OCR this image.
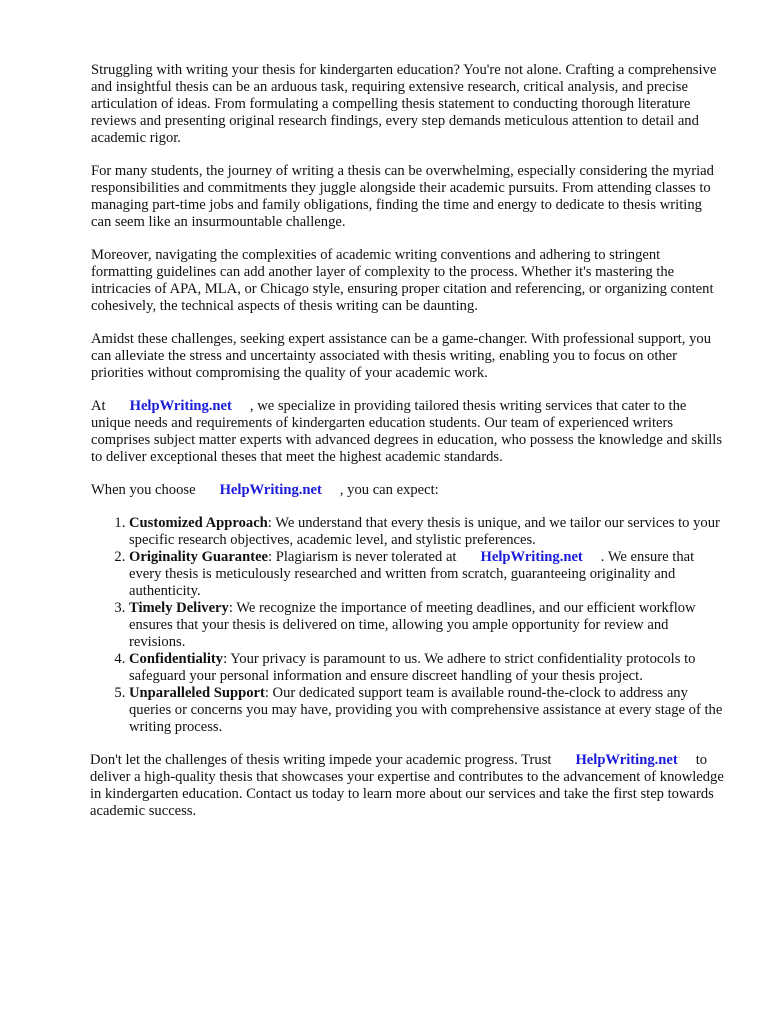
Struggling with writing your thesis for kindergarten education? You're not alone. Crafting a comprehensive and insightful thesis can be an arduous task, requiring extensive research, critical analysis, and precise articulation of ideas. From formulating a compelling thesis statement to conducting thorough literature reviews and presenting original research findings, every step demands meticulous attention to detail and academic rigor.

For many students, the journey of writing a thesis can be overwhelming, especially considering the myriad responsibilities and commitments they juggle alongside their academic pursuits. From attending classes to managing part-time jobs and family obligations, finding the time and energy to dedicate to thesis writing can seem like an insurmountable challenge.

Moreover, navigating the complexities of academic writing conventions and adhering to stringent formatting guidelines can add another layer of complexity to the process. Whether it's mastering the intricacies of APA, MLA, or Chicago style, ensuring proper citation and referencing, or organizing content cohesively, the technical aspects of thesis writing can be daunting.

Amidst these challenges, seeking expert assistance can be a game-changer. With professional support, you can alleviate the stress and uncertainty associated with thesis writing, enabling you to focus on other priorities without compromising the quality of your academic work.

At HelpWriting.net , we specialize in providing tailored thesis writing services that cater to the unique needs and requirements of kindergarten education students. Our team of experienced writers comprises subject matter experts with advanced degrees in education, who possess the knowledge and skills to deliver exceptional theses that meet the highest academic standards.

When you choose HelpWriting.net , you can expect:

1. Customized Approach: We understand that every thesis is unique, and we tailor our services to your specific research objectives, academic level, and stylistic preferences.
2. Originality Guarantee: Plagiarism is never tolerated at HelpWriting.net . We ensure that every thesis is meticulously researched and written from scratch, guaranteeing originality and authenticity.
3. Timely Delivery: We recognize the importance of meeting deadlines, and our efficient workflow ensures that your thesis is delivered on time, allowing you ample opportunity for review and revisions.
4. Confidentiality: Your privacy is paramount to us. We adhere to strict confidentiality protocols to safeguard your personal information and ensure discreet handling of your thesis project.
5. Unparalleled Support: Our dedicated support team is available round-the-clock to address any queries or concerns you may have, providing you with comprehensive assistance at every stage of the writing process.

Don't let the challenges of thesis writing impede your academic progress. Trust HelpWriting.net to deliver a high-quality thesis that showcases your expertise and contributes to the advancement of knowledge in kindergarten education. Contact us today to learn more about our services and take the first step towards academic success.
